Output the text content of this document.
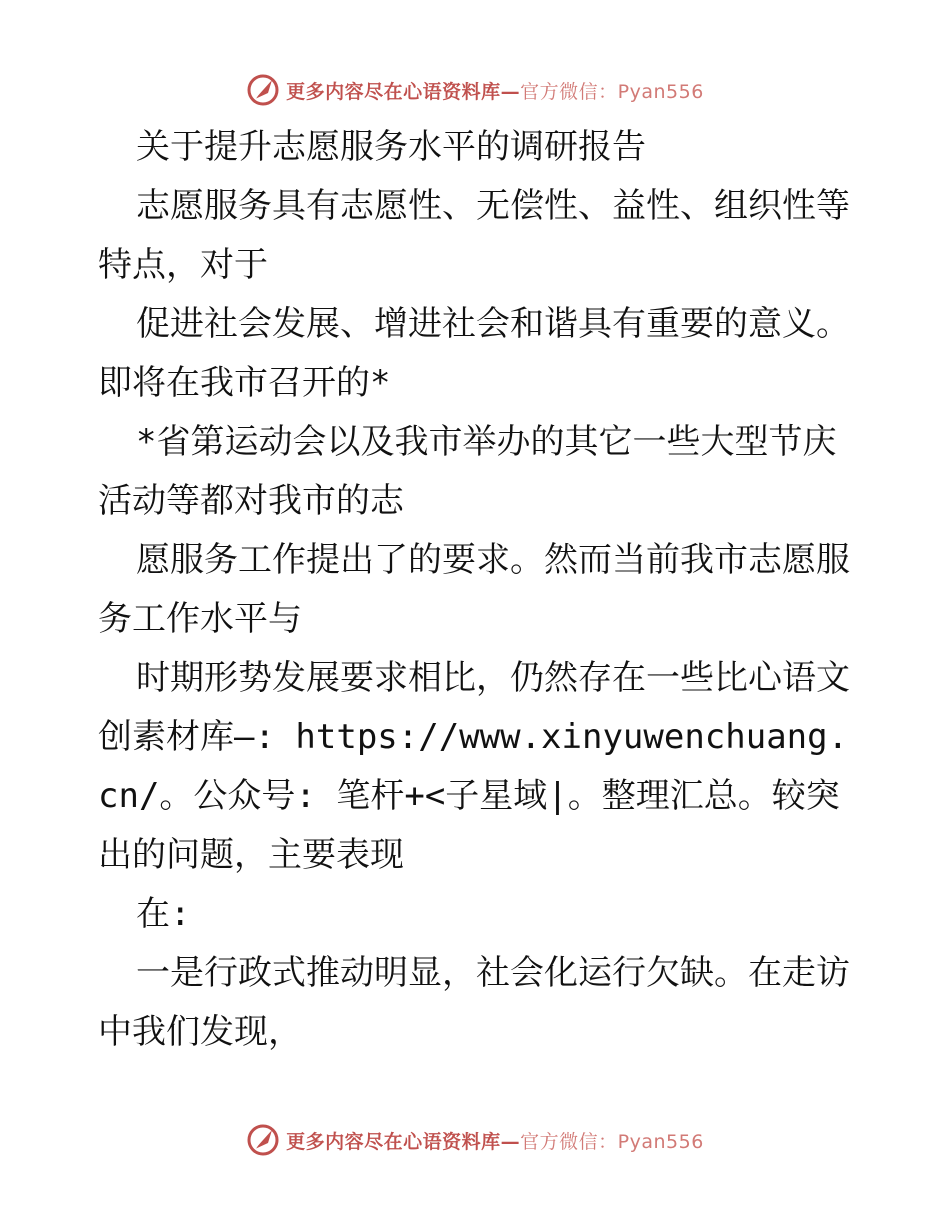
更多内容尽在心语资料库—官方微信：Pyan556

关于提升志愿服务水平的调研报告

志愿服务具有志愿性、无偿性、益性、组织性等特点，对于

促进社会发展、增进社会和谐具有重要的意义。即将在我市召开的*

*省第运动会以及我市举办的其它一些大型节庆活动等都对我市的志

愿服务工作提出了的要求。然而当前我市志愿服务工作水平与

时期形势发展要求相比，仍然存在一些比心语文创素材库—: https://www.xinyuwenchuang.cn/。公众号: 笔杆+<子星域|。整理汇总。较突出的问题，主要表现

在:

一是行政式推动明显，社会化运行欠缺。在走访中我们发现，

更多内容尽在心语资料库—官方微信：Pyan556
